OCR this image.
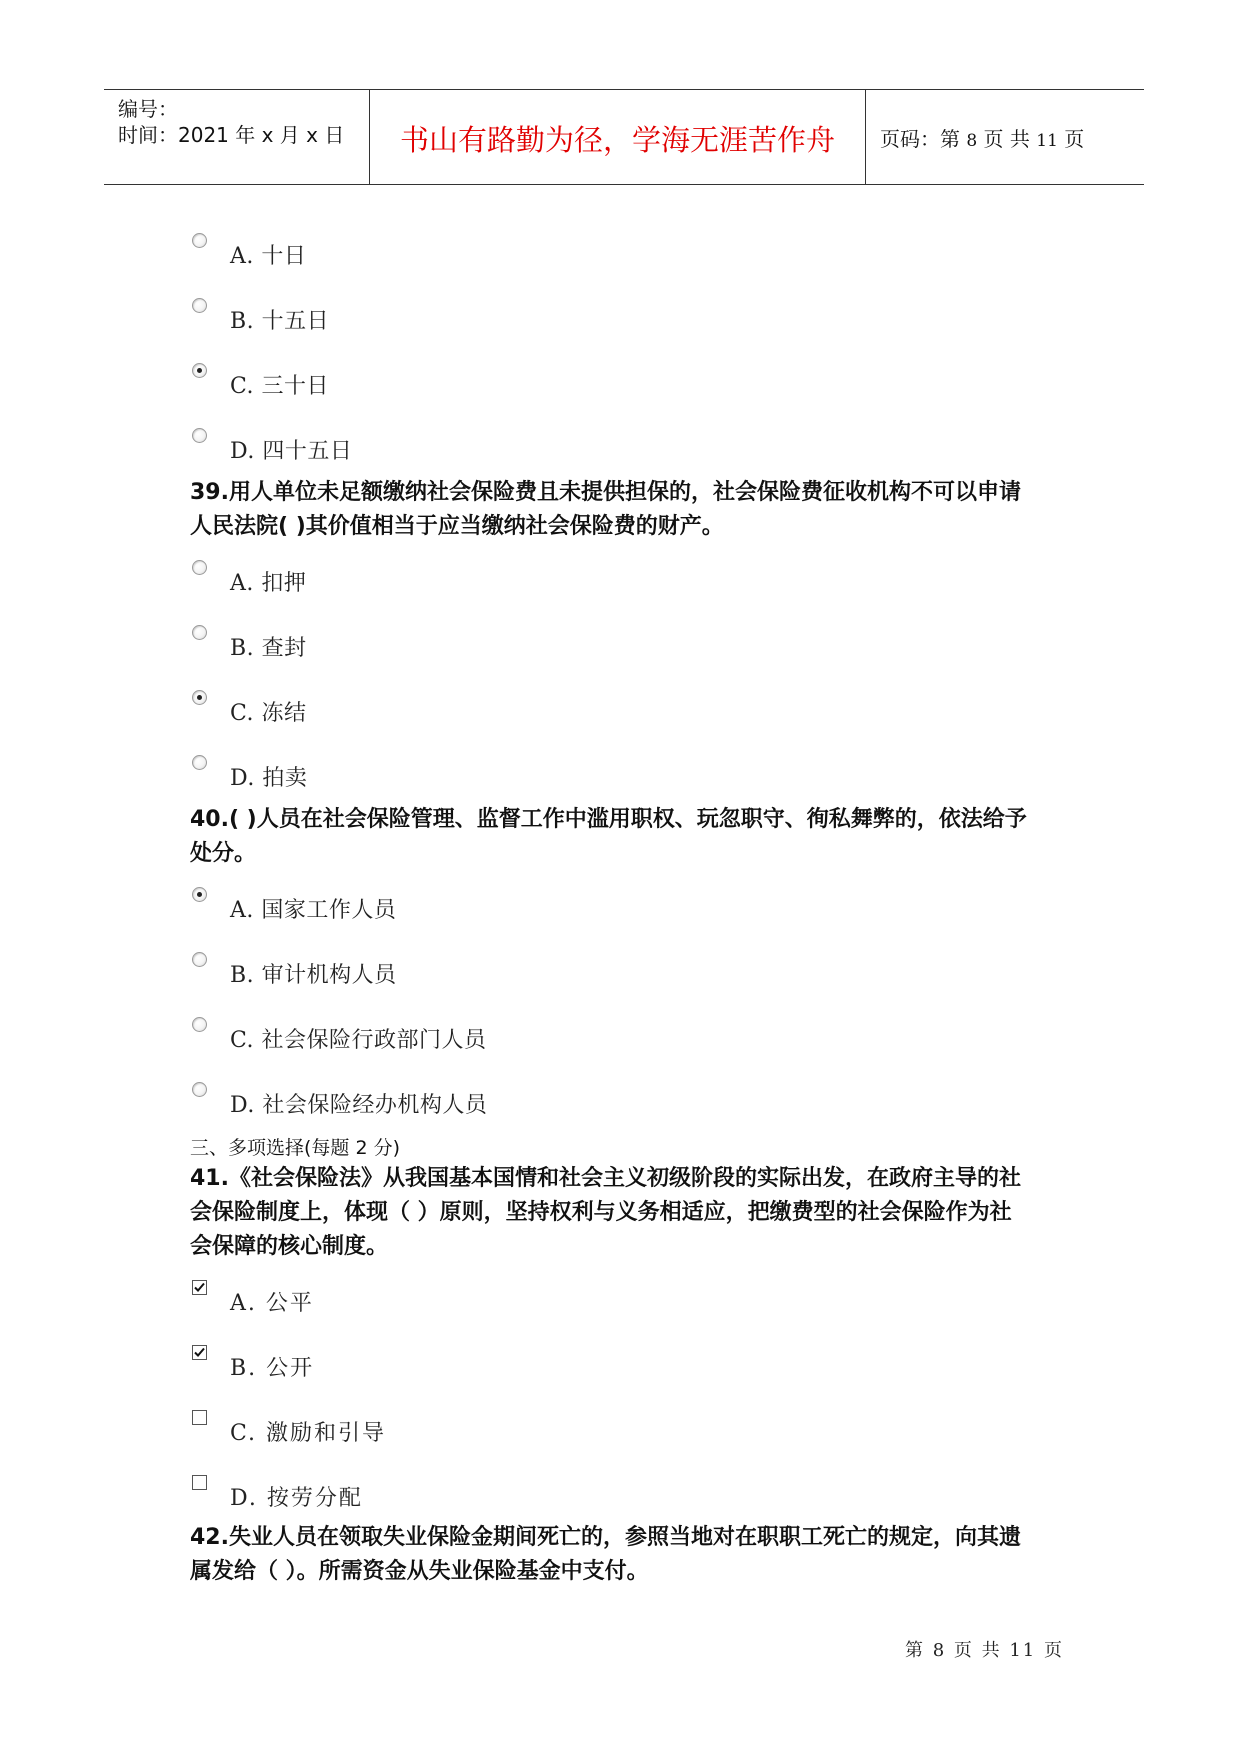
编号：
时间：2021 年 x 月 x 日	书山有路勤为径，学海无涯苦作舟	页码：第 8 页 共 11 页
A. 十日
B. 十五日
C. 三十日
D. 四十五日
39.用人单位未足额缴纳社会保险费且未提供担保的，社会保险费征收机构不可以申请人民法院( )其价值相当于应当缴纳社会保险费的财产。
A. 扣押
B. 查封
C. 冻结
D. 拍卖
40.( )人员在社会保险管理、监督工作中滥用职权、玩忽职守、徇私舞弊的，依法给予处分。
A. 国家工作人员
B. 审计机构人员
C. 社会保险行政部门人员
D. 社会保险经办机构人员
三、多项选择(每题 2 分)
41.《社会保险法》从我国基本国情和社会主义初级阶段的实际出发，在政府主导的社会保险制度上，体现（ ）原则，坚持权利与义务相适应，把缴费型的社会保险作为社会保障的核心制度。
A. 公平
B. 公开
C. 激励和引导
D. 按劳分配
42.失业人员在领取失业保险金期间死亡的，参照当地对在职职工死亡的规定，向其遗属发给（ ）。所需资金从失业保险基金中支付。
第 8 页 共 11 页
